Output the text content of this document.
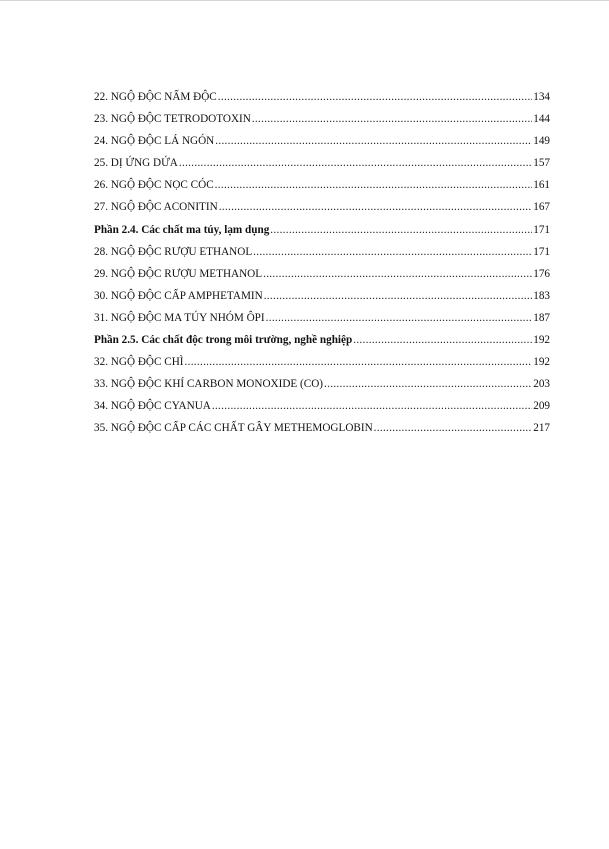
22. NGỘ ĐỘC NẤM ĐỘC .....	134
23. NGỘ ĐỘC TETRODOTOXIN .....	144
24. NGỘ ĐỘC LÁ NGÓN .....	149
25. DỊ ỨNG DỨA .....	157
26. NGỘ ĐỘC NỌC CÓC .....	161
27. NGỘ ĐỘC ACONITIN .....	167
Phần 2.4. Các chất ma túy, lạm dụng .....	171
28. NGỘ ĐỘC RƯỢU ETHANOL .....	171
29. NGỘ ĐỘC RƯỢU METHANOL .....	176
30. NGỘ ĐỘC CẤP AMPHETAMIN .....	183
31. NGỘ ĐỘC MA TÚY NHÓM ÔPI .....	187
Phần 2.5. Các chất độc trong môi trường, nghề nghiệp .....	192
32. NGỘ ĐỘC CHÌ .....	192
33. NGỘ ĐỘC KHÍ CARBON MONOXIDE (CO) .....	203
34. NGỘ ĐỘC CYANUA .....	209
35. NGỘ ĐỘC CẤP CÁC CHẤT GÂY METHEMOGLOBIN .....	217
